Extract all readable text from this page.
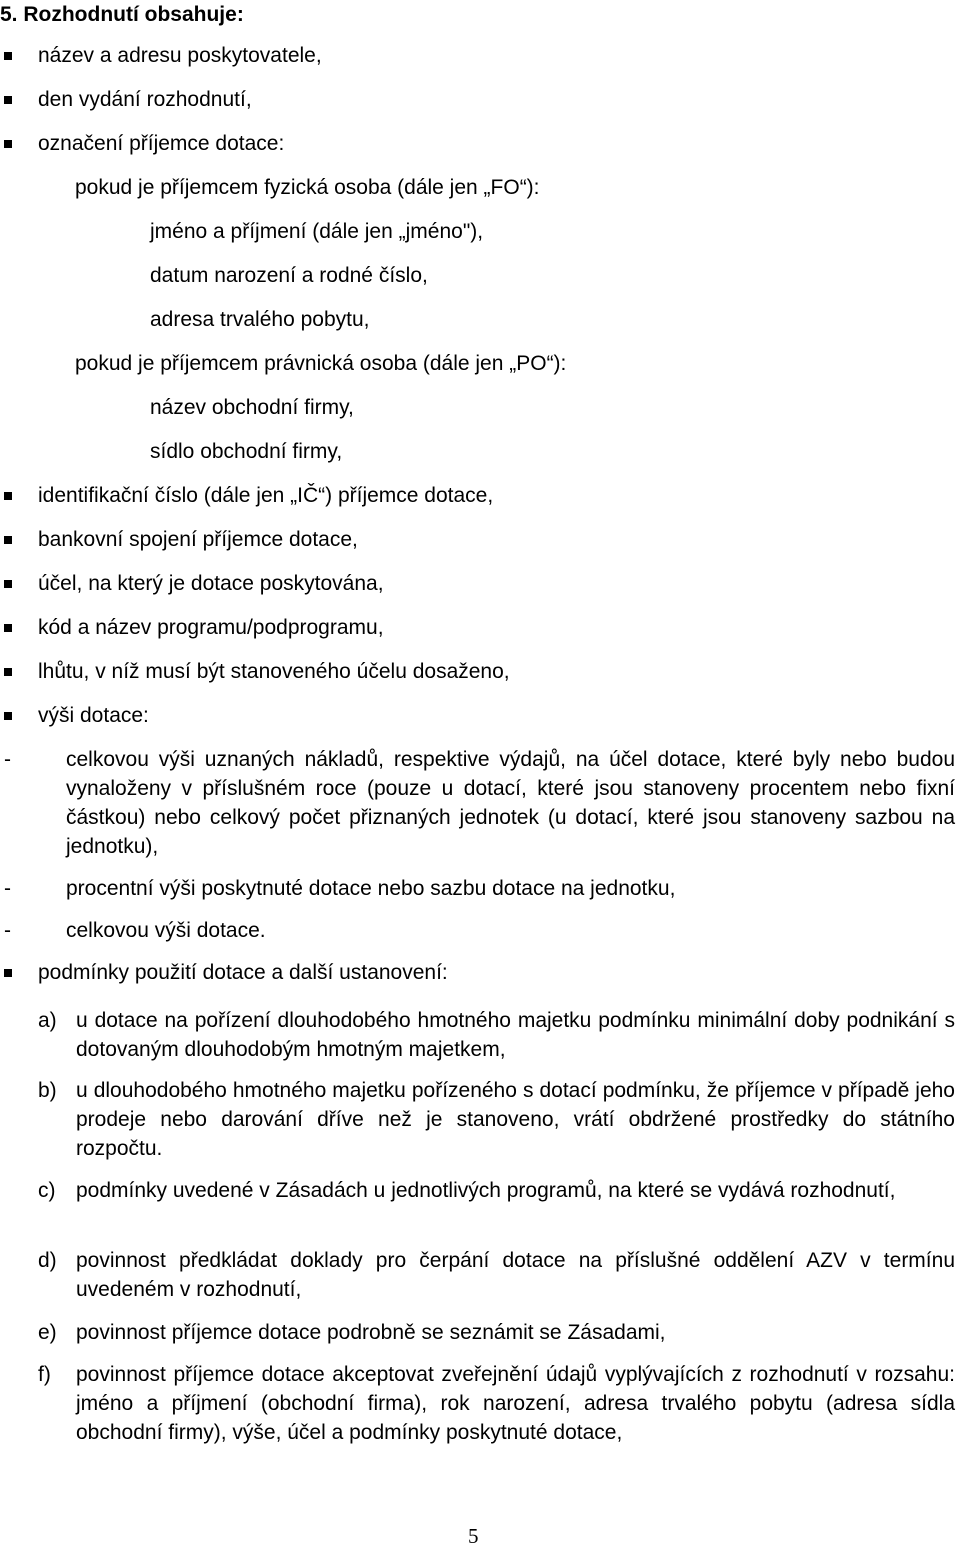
5. Rozhodnutí obsahuje:
název a adresu poskytovatele,
den vydání rozhodnutí,
označení příjemce dotace:
pokud je příjemcem fyzická osoba (dále jen „FO“):
jméno a příjmení (dále jen „jméno"),
datum narození a rodné číslo,
adresa trvalého pobytu,
pokud je příjemcem právnická osoba (dále jen „PO“):
název obchodní firmy,
sídlo obchodní firmy,
identifikační číslo (dále jen „IČ“) příjemce dotace,
bankovní spojení příjemce dotace,
účel, na který je dotace poskytována,
kód a název programu/podprogramu,
lhůtu, v níž musí být stanoveného účelu dosaženo,
výši dotace:
-	celkovou výši uznaných nákladů, respektive výdajů, na účel dotace, které byly nebo budou vynaloženy v příslušném roce (pouze u dotací, které jsou stanoveny procentem nebo fixní částkou) nebo celkový počet přiznaných jednotek (u dotací, které jsou stanoveny sazbou na jednotku),
-	procentní výši poskytnuté dotace nebo sazbu dotace na jednotku,
-	celkovou výši dotace.
podmínky použití dotace a další ustanovení:
a) u dotace na pořízení dlouhodobého hmotného majetku podmínku minimální doby podnikání s dotovaným dlouhodobým hmotným majetkem,
b) u dlouhodobého hmotného majetku pořízeného s dotací podmínku, že příjemce v případě jeho prodeje nebo darování dříve než je stanoveno, vrátí obdržené prostředky do státního rozpočtu.
c) podmínky uvedené v Zásadách u jednotlivých programů, na které se vydává rozhodnutí,
d) povinnost předkládat doklady pro čerpání dotace na příslušné oddělení AZV v termínu uvedeném v rozhodnutí,
e) povinnost příjemce dotace podrobně se seznámit se Zásadami,
f) povinnost příjemce dotace akceptovat zveřejnění údajů vyplývajících z rozhodnutí v rozsahu: jméno a příjmení (obchodní firma), rok narození, adresa trvalého pobytu (adresa sídla obchodní firmy), výše, účel a podmínky poskytnuté dotace,
5
